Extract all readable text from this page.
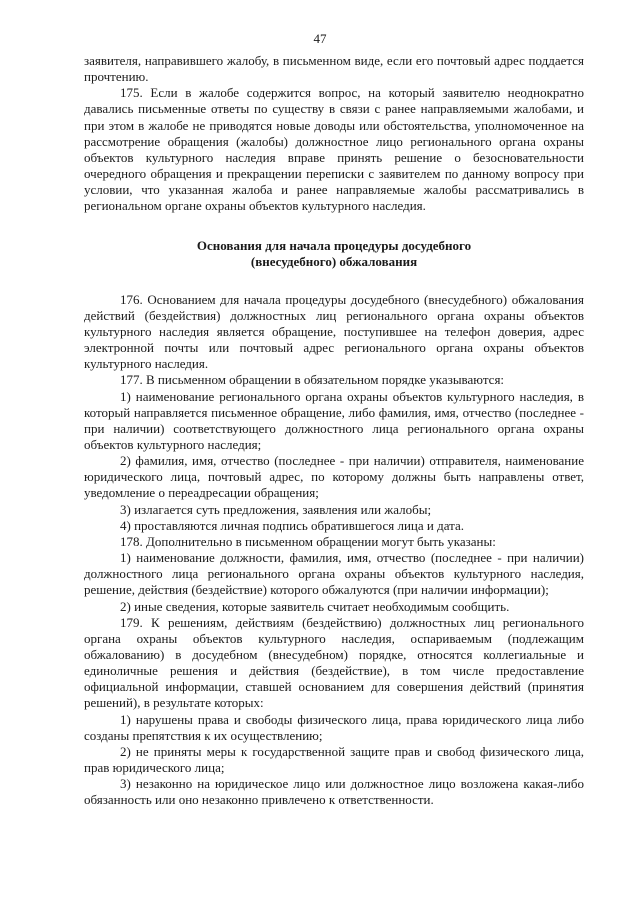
47

заявителя, направившего жалобу, в письменном виде, если его почтовый адрес поддается прочтению.

175. Если в жалобе содержится вопрос, на который заявителю неоднократно давались письменные ответы по существу в связи с ранее направляемыми жалобами, и при этом в жалобе не приводятся новые доводы или обстоятельства, уполномоченное на рассмотрение обращения (жалобы) должностное лицо регионального органа охраны объектов культурного наследия вправе принять решение о безосновательности очередного обращения и прекращении переписки с заявителем по данному вопросу при условии, что указанная жалоба и ранее направляемые жалобы рассматривались в региональном органе охраны объектов культурного наследия.

Основания для начала процедуры досудебного
(внесудебного) обжалования

176. Основанием для начала процедуры досудебного (внесудебного) обжалования действий (бездействия) должностных лиц регионального органа охраны объектов культурного наследия является обращение, поступившее на телефон доверия, адрес электронной почты или почтовый адрес регионального органа охраны объектов культурного наследия.

177. В письменном обращении в обязательном порядке указываются:

1) наименование регионального органа охраны объектов культурного наследия, в который направляется письменное обращение, либо фамилия, имя, отчество (последнее - при наличии) соответствующего должностного лица регионального органа охраны объектов культурного наследия;

2) фамилия, имя, отчество (последнее - при наличии) отправителя, наименование юридического лица, почтовый адрес, по которому должны быть направлены ответ, уведомление о переадресации обращения;

3) излагается суть предложения, заявления или жалобы;

4) проставляются личная подпись обратившегося лица и дата.

178. Дополнительно в письменном обращении могут быть указаны:

1) наименование должности, фамилия, имя, отчество (последнее - при наличии) должностного лица регионального органа охраны объектов культурного наследия, решение, действия (бездействие) которого обжалуются (при наличии информации);

2) иные сведения, которые заявитель считает необходимым сообщить.

179. К решениям, действиям (бездействию) должностных лиц регионального органа охраны объектов культурного наследия, оспариваемым (подлежащим обжалованию) в досудебном (внесудебном) порядке, относятся коллегиальные и единоличные решения и действия (бездействие), в том числе предоставление официальной информации, ставшей основанием для совершения действий (принятия решений), в результате которых:

1) нарушены права и свободы физического лица, права юридического лица либо созданы препятствия к их осуществлению;

2) не приняты меры к государственной защите прав и свобод физического лица, прав юридического лица;

3) незаконно на юридическое лицо или должностное лицо возложена какая-либо обязанность или оно незаконно привлечено к ответственности.
